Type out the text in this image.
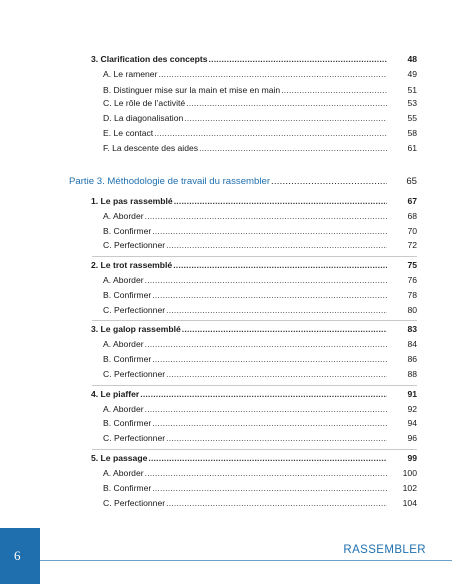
3. Clarification des concepts .....	48
A. Le ramener .....	49
B. Distinguer mise sur la main et mise en main .....	51
C. Le rôle de l’activité .....	53
D. La diagonalisation .....	55
E. Le contact .....	58
F. La descente des aides .....	61
Partie 3. Méthodologie de travail du rassembler .....	65
1. Le pas rassemblé .....	67
A. Aborder .....	68
B. Confirmer .....	70
C. Perfectionner .....	72
2. Le trot rassemblé .....	75
A. Aborder .....	76
B. Confirmer .....	78
C. Perfectionner .....	80
3. Le galop rassemblé .....	83
A. Aborder .....	84
B. Confirmer .....	86
C. Perfectionner .....	88
4. Le piaffer .....	91
A. Aborder .....	92
B. Confirmer .....	94
C. Perfectionner .....	96
5. Le passage .....	99
A. Aborder .....	100
B. Confirmer .....	102
C. Perfectionner .....	104
6	RASSEMBLER
